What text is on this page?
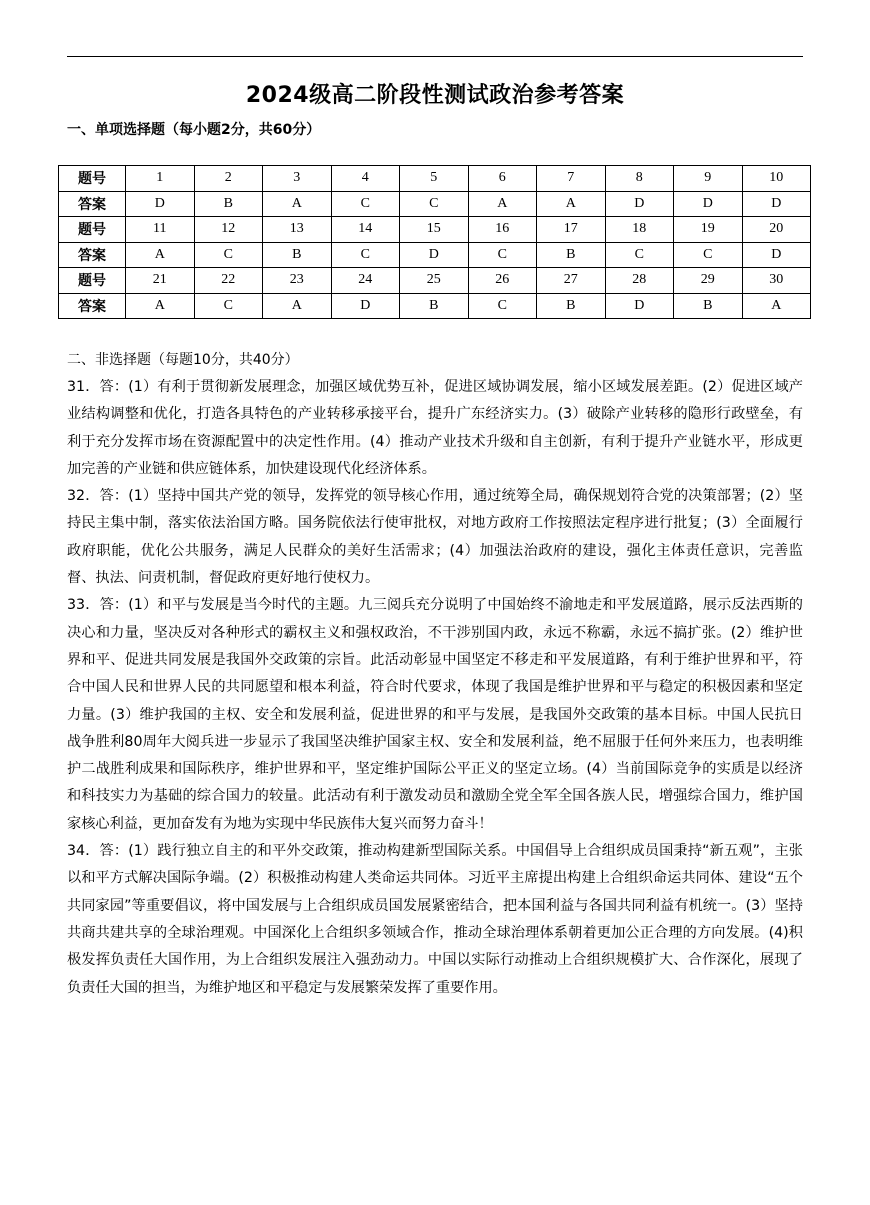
2024级高二阶段性测试政治参考答案
一、单项选择题（每小题2分，共60分）
题号	1	2	3	4	5	6	7	8	9	10
答案	D	B	A	C	C	A	A	D	D	D
题号	11	12	13	14	15	16	17	18	19	20
答案	A	C	B	C	D	C	B	C	C	D
题号	21	22	23	24	25	26	27	28	29	30
答案	A	C	A	D	B	C	B	D	B	A
二、非选择题（每题10分，共40分）

31．答：(1）有利于贯彻新发展理念，加强区域优势互补，促进区域协调发展，缩小区域发展差距。(2）促进区域产业结构调整和优化，打造各具特色的产业转移承接平台，提升广东经济实力。(3）破除产业转移的隐形行政壁垒，有利于充分发挥市场在资源配置中的决定性作用。(4）推动产业技术升级和自主创新，有利于提升产业链水平，形成更加完善的产业链和供应链体系，加快建设现代化经济体系。

32．答：(1）坚持中国共产党的领导，发挥党的领导核心作用，通过统筹全局，确保规划符合党的决策部署；(2）坚持民主集中制，落实依法治国方略。国务院依法行使审批权，对地方政府工作按照法定程序进行批复；(3）全面履行政府职能，优化公共服务，满足人民群众的美好生活需求；(4）加强法治政府的建设，强化主体责任意识，完善监督、执法、问责机制，督促政府更好地行使权力。

33．答：(1）和平与发展是当今时代的主题。九三阅兵充分说明了中国始终不渝地走和平发展道路，展示反法西斯的决心和力量，坚决反对各种形式的霸权主义和强权政治，不干涉别国内政，永远不称霸，永远不搞扩张。(2）维护世界和平、促进共同发展是我国外交政策的宗旨。此活动彰显中国坚定不移走和平发展道路，有利于维护世界和平，符合中国人民和世界人民的共同愿望和根本利益，符合时代要求，体现了我国是维护世界和平与稳定的积极因素和坚定力量。(3）维护我国的主权、安全和发展利益，促进世界的和平与发展，是我国外交政策的基本目标。中国人民抗日战争胜利80周年大阅兵进一步显示了我国坚决维护国家主权、安全和发展利益，绝不屈服于任何外来压力，也表明维护二战胜利成果和国际秩序，维护世界和平，坚定维护国际公平正义的坚定立场。(4）当前国际竞争的实质是以经济和科技实力为基础的综合国力的较量。此活动有利于激发动员和激励全党全军全国各族人民，增强综合国力，维护国家核心利益，更加奋发有为地为实现中华民族伟大复兴而努力奋斗！

34．答：(1）践行独立自主的和平外交政策，推动构建新型国际关系。中国倡导上合组织成员国秉持“新五观”，主张以和平方式解决国际争端。(2）积极推动构建人类命运共同体。习近平主席提出构建上合组织命运共同体、建设“五个共同家园”等重要倡议，将中国发展与上合组织成员国发展紧密结合，把本国利益与各国共同利益有机统一。(3）坚持共商共建共享的全球治理观。中国深化上合组织多领域合作，推动全球治理体系朝着更加公正合理的方向发展。(4)积极发挥负责任大国作用，为上合组织发展注入强劲动力。中国以实际行动推动上合组织规模扩大、合作深化，展现了负责任大国的担当，为维护地区和平稳定与发展繁荣发挥了重要作用。
